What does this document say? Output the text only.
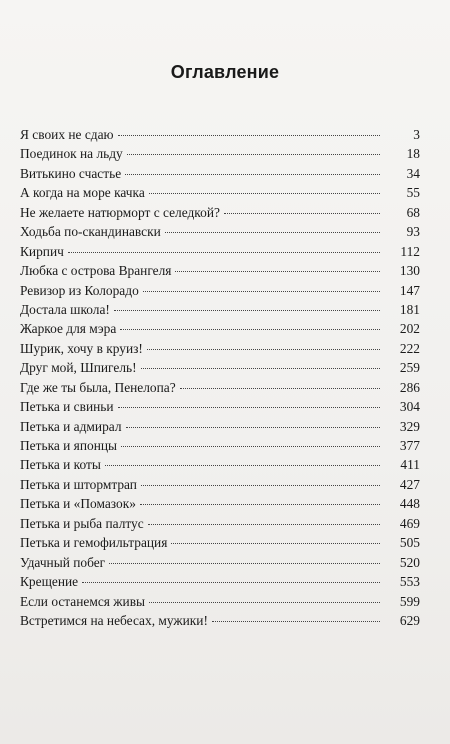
Оглавление
Я своих не сдаю	3
Поединок на льду	18
Витькино счастье	34
А когда на море качка	55
Не желаете натюрморт с селедкой?	68
Ходьба по-скандинавски	93
Кирпич	112
Любка с острова Врангеля	130
Ревизор из Колорадо	147
Достала школа!	181
Жаркое для мэра	202
Шурик, хочу в круиз!	222
Друг мой, Шпигель!	259
Где же ты была, Пенелопа?	286
Петька и свиньи	304
Петька и адмирал	329
Петька и японцы	377
Петька и коты	411
Петька и штормтрап	427
Петька и «Помазок»	448
Петька и рыба палтус	469
Петька и гемофильтрация	505
Удачный побег	520
Крещение	553
Если останемся живы	599
Встретимся на небесах, мужики!	629
